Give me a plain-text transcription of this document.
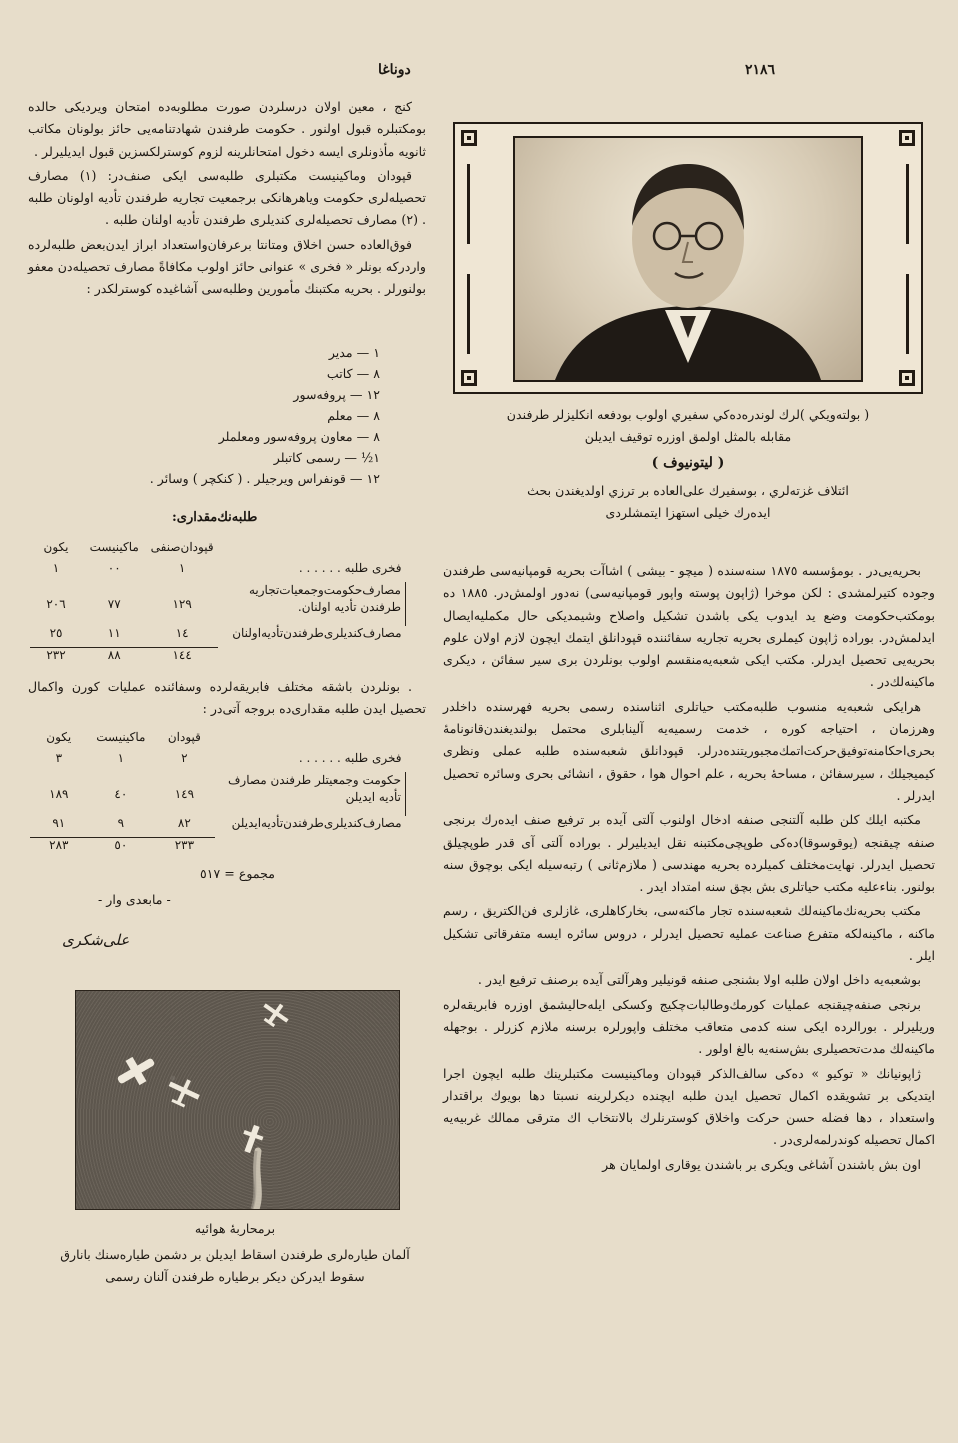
دوناغا	٢١٨٦
( بولته‌ويكي )لرك لوندره‌ده‌كي سفيري اولوب بودفعه انكليزلر طرفندن
مقابله بالمثل اولمق اوزره توقيف ايديلن
( ليتونيوف )
ائتلاف غزته‌لري ، بوسفيرك على‌العاده بر ترزي اولديغندن بحث
ايده‌رك خيلى استهزا ايتمشلردى

بحريه‌يى‌در . بومؤسسه ١٨٧٥ سنه‌سنده ( ميچو - بيشى ) اشاآت بحريه قومپانيه‌سى طرفندن وجوده كتيرلمشدى : لكن موخرا (ژاپون پوسته واپور قومپانيه‌سى) نه‌دور اولمش‌در. ١٨٨٥ ده بومكتب‌حكومت وضع يد ايدوب يكى باشدن تشكيل واصلاح وشيمديكى حال مكمليه‌ايصال ايدلمش‌در. بوراده ژاپون كيملرى بحريه تجاريه سفائننده قپودانلق ايتمك ايچون لازم اولان علوم بحريه‌يى تحصيل ايدرلر. مكتب ايكى شعبه‌يه‌منقسم اولوب بونلردن برى سير سفائن ، ديكرى ماكينه‌لك‌در .

هرايكى شعبه‌يه منسوب طلبه‌مكتب حياتلرى اثناسنده رسمى بحريه فهرسنده داخلدر وهرزمان ، احتياجه كوره ، خدمت رسميه‌يه آلينابلرى محتمل بولنديغندن‌قانونامهٔ بحرى‌احكامنه‌توفيق‌حركت‌اتمك‌مجبوريتنده‌درلر. قپودانلق شعبه‌سنده طلبه عملى ونظرى كيميجيلك ، سيرسفائن ، مساحهٔ بحريه ، علم احوال هوا ، حقوق ، انشائى بحرى وسائره تحصيل ايدرلر .

مكتبه ايلك كلن طلبه آلتنجى صنفه ادخال اولنوب آلتى آيده بر ترفيع صنف ايده‌رك برنجى صنفه چيقنجه (يوقوسوقا)ده‌كى طوپچى‌مكتبنه نقل ايديليرلر . بوراده آلتى آى قدر طوپچيلق تحصيل ايدرلر. نهايت‌مختلف كميلرده بحريه مهندسى ( ملازم‌ثانى ) رتبه‌سيله ايكى بوچوق سنه بولنور. بناءعليه مكتب حياتلرى بش بچق سنه امتداد ايدر .

مكتب بحريه‌نك‌ماكينه‌لك شعبه‌سنده تجار ماكنه‌سى، بخاركاهلرى، غازلرى فن‌الكتريق ، رسم ماكنه ، ماكينه‌لكه متفرع صناعت عمليه تحصيل ايدرلر ، دروس سائره ايسه متفرقاتى تشكيل ايلر .

بوشعبه‌يه داخل اولان طلبه اولا بشنجى صنفه قونيلير وهرآلتى آيده برصنف ترفيع ايدر .

برنجى صنفه‌چيقنجه عمليات كورمك‌وطالبات‌چكيج وكسكى ايله‌حاليشمق اوزره فابريقه‌لره وريليرلر . بورالرده ايكى سنه كدمى متعاقب مختلف واپورلره برسنه ملازم كزرلر . بوجهله ماكينه‌لك مدت‌تحصيلرى بش‌سنه‌يه بالغ اولور .

ژاپونيانك « توكيو » ده‌كى سالف‌الذكر قپودان وماكينيست مكتبلرينك طلبه ايچون اجرا ايتديكى بر تشويقده اكمال تحصيل ايدن طلبه ايچنده ديكرلرينه نسبتا دها بويوك براقتدار واستعداد ، دها فضله حسن حركت واخلاق كوسترنلرك بالانتخاب اك مترقى ممالك غربيه‌يه اكمال تحصيله كوندرلمه‌لرى‌در .

اون بش باشندن آشاغى ويكرى بر باشندن يوقارى اولمايان هر

كنج ، معين اولان درسلردن صورت مطلوبه‌ده امتحان ويرديكى حالده بومكتبلره قبول اولنور . حكومت طرفندن شهادتنامه‌يى حائز بولونان مكاتب ثانويه مأذونلرى ايسه دخول امتحانلرينه لزوم كوسترلكسزين قبول ايديليرلر .

قپودان وماكينيست مكتبلرى طلبه‌سى ايكى صنف‌در: (١) مصارف تحصيله‌لرى حكومت وياهرهانكى برجمعيت تجاريه طرفندن تأديه اولونان طلبه . (٢) مصارف تحصيله‌لرى كنديلرى طرفندن تأديه اولنان طلبه .

فوق‌العاده حسن اخلاق ومتانتا برعرفان‌واستعداد ابراز ايدن‌بعض طلبه‌لرده واردركه بونلر « فخرى » عنوانى حائز اولوب مكافاةً مصارف تحصيله‌دن معفو بولنورلر . بحريه مكتبنك مأمورين وطلبه‌سى آشاغيده كوسترلكدر :

١ — مدير
٨ — كاتب
١٢ — پروفه‌سور
٨ — معلم
٨ — معاون پروفه‌سور ومعلملر
١½ — رسمى كاتبلر
١٢ — قونفراس ويرجيلر . ( كنكچر ) وسائر .
طلبه‌نك‌مقدارى:
	قپودان‌صنفى	ماكينيست	يكون
فخرى طلبه . . . . . .	١	٠٠	١
مصارف‌حكومت‌وجمعيات‌تجاريه طرفندن تأديه اولنان.	١٢٩	٧٧	٢٠٦
مصارف‌كنديلرى‌طرفندن‌تأديه‌اولنان	١٤	١١	٢٥
	١٤٤	٨٨	٢٣٢

. بونلردن باشقه مختلف فابريقه‌لرده وسفائنده عمليات كورن واكمال تحصيل ايدن طلبه مقدارى‌ده‌ بروجه آتى‌در :

	قپودان	ماكينيست	يكون
فخرى طلبه . . . . . .	٢	١	٣
حكومت وجمعيتلر طرفندن مصارف تأديه ايديلن	١٤٩	٤٠	١٨٩
مصارف‌كنديلرى‌طرفندن‌تأديه‌ايديلن	٨٢	٩	٩١
	٢٣٣	٥٠	٢٨٣
مجموع = ٥١٧
- مابعدى وار -
على‌شكرى
برمحاربهٔ هوائيه
آلمان طياره‌لرى طرفندن اسقاط ايديلن بر دشمن طياره‌سنك بانارق
سقوط ايدركن ديكر برطياره طرفندن آلنان رسمى
